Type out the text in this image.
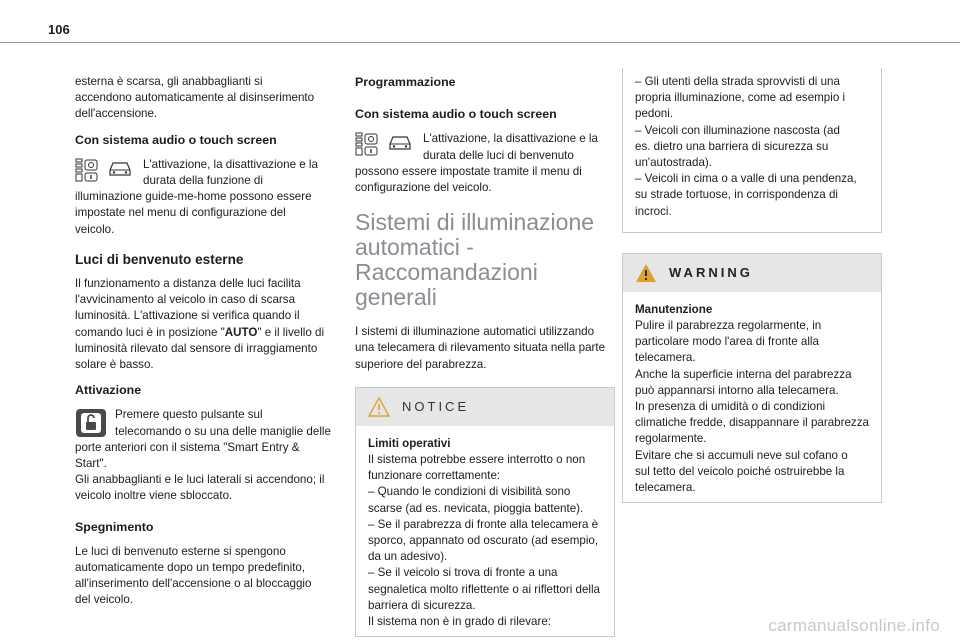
106

esterna è scarsa, gli anabbaglianti si
accendono automaticamente al disinserimento
dell'accensione.

Con sistema audio o touch screen
L'attivazione, la disattivazione e la
durata della funzione di
illuminazione guide-me-home possono essere
impostate nel menu di configurazione del
veicolo.
Luci di benvenuto esterne

Il funzionamento a distanza delle luci facilita
l'avvicinamento al veicolo in caso di scarsa
luminosità. L'attivazione si verifica quando il
comando luci è in posizione "AUTO" e il livello di
luminosità rilevato dal sensore di irraggiamento
solare è basso.

Attivazione
Premere questo pulsante sul
telecomando o su una delle maniglie delle
porte anteriori con il sistema "Smart Entry &
Start".
Gli anabbaglianti e le luci laterali si accendono; il
veicolo inoltre viene sbloccato.
Spegnimento

Le luci di benvenuto esterne si spengono
automaticamente dopo un tempo predefinito,
all'inserimento dell'accensione o al bloccaggio
del veicolo.

Programmazione
Con sistema audio o touch screen
L'attivazione, la disattivazione e la
durata delle luci di benvenuto
possono essere impostate tramite il menu di
configurazione del veicolo.
Sistemi di illuminazione
automatici -
Raccomandazioni
generali

I sistemi di illuminazione automatici utilizzando
una telecamera di rilevamento situata nella parte
superiore del parabrezza.

NOTICE
Limiti operativi
Il sistema potrebbe essere interrotto o non
funzionare correttamente:
– Quando le condizioni di visibilità sono
scarse (ad es. nevicata, pioggia battente).
– Se il parabrezza di fronte alla telecamera è
sporco, appannato od oscurato (ad esempio,
da un adesivo).
– Se il veicolo si trova di fronte a una
segnaletica molto riflettente o ai riflettori della
barriera di sicurezza.
Il sistema non è in grado di rilevare:
– Gli utenti della strada sprovvisti di una
propria illuminazione, come ad esempio i
pedoni.
– Veicoli con illuminazione nascosta (ad
es. dietro una barriera di sicurezza su
un'autostrada).
– Veicoli in cima o a valle di una pendenza,
su strade tortuose, in corrispondenza di
incroci.
WARNING
Manutenzione
Pulire il parabrezza regolarmente, in
particolare modo l'area di fronte alla
telecamera.
Anche la superficie interna del parabrezza
può appannarsi intorno alla telecamera.
In presenza di umidità o di condizioni
climatiche fredde, disappannare il parabrezza
regolarmente.
Evitare che si accumuli neve sul cofano o
sul tetto del veicolo poiché ostruirebbe la
telecamera.
carmanualsonline.info
